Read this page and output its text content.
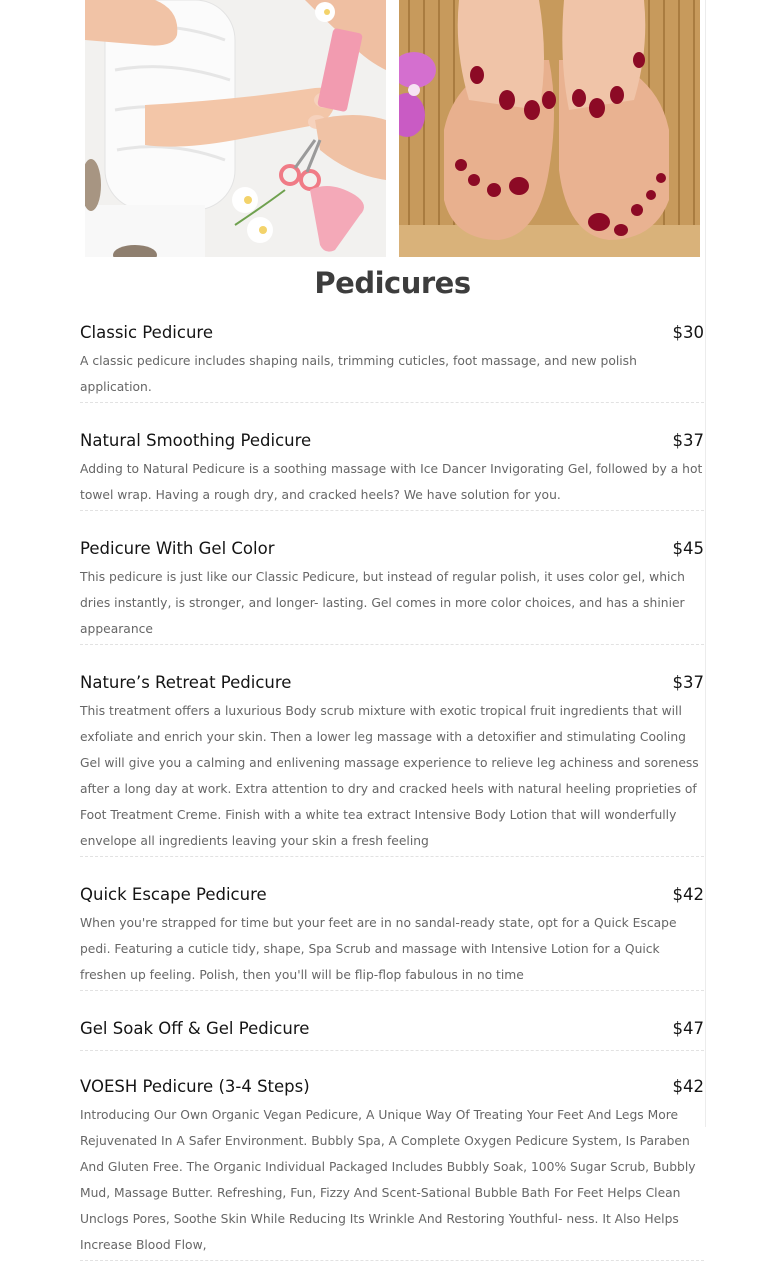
Pedicures
Classic Pedicure	$30

A classic pedicure includes shaping nails, trimming cuticles, foot massage, and new polish application.

Natural Smoothing Pedicure	$37

Adding to Natural Pedicure is a soothing massage with Ice Dancer Invigorating Gel, followed by a hot towel wrap. Having a rough dry, and cracked heels? We have solution for you.

Pedicure With Gel Color	$45

This pedicure is just like our Classic Pedicure, but instead of regular polish, it uses color gel, which dries instantly, is stronger, and longer- lasting. Gel comes in more color choices, and has a shinier appearance

Nature’s Retreat Pedicure	$37

This treatment offers a luxurious Body scrub mixture with exotic tropical fruit ingredients that will exfoliate and enrich your skin. Then a lower leg massage with a detoxifier and stimulating Cooling Gel will give you a calming and enlivening massage experience to relieve leg achiness and soreness after a long day at work. Extra attention to dry and cracked heels with natural heeling proprieties of Foot Treatment Creme. Finish with a white tea extract Intensive Body Lotion that will wonderfully envelope all ingredients leaving your skin a fresh feeling

Quick Escape Pedicure	$42

When you're strapped for time but your feet are in no sandal-ready state, opt for a Quick Escape pedi. Featuring a cuticle tidy, shape, Spa Scrub and massage with Intensive Lotion for a Quick freshen up feeling. Polish, then you'll will be flip-flop fabulous in no time

Gel Soak Off & Gel Pedicure	$47
VOESH Pedicure (3-4 Steps)	$42

Introducing Our Own Organic Vegan Pedicure, A Unique Way Of Treating Your Feet And Legs More Rejuvenated In A Safer Environment. Bubbly Spa, A Complete Oxygen Pedicure System, Is Paraben And Gluten Free. The Organic Individual Packaged Includes Bubbly Soak, 100% Sugar Scrub, Bubbly Mud, Massage Butter. Refreshing, Fun, Fizzy And Scent-Sational Bubble Bath For Feet Helps Clean Unclogs Pores, Soothe Skin While Reducing Its Wrinkle And Restoring Youthful- ness. It Also Helps Increase Blood Flow,
